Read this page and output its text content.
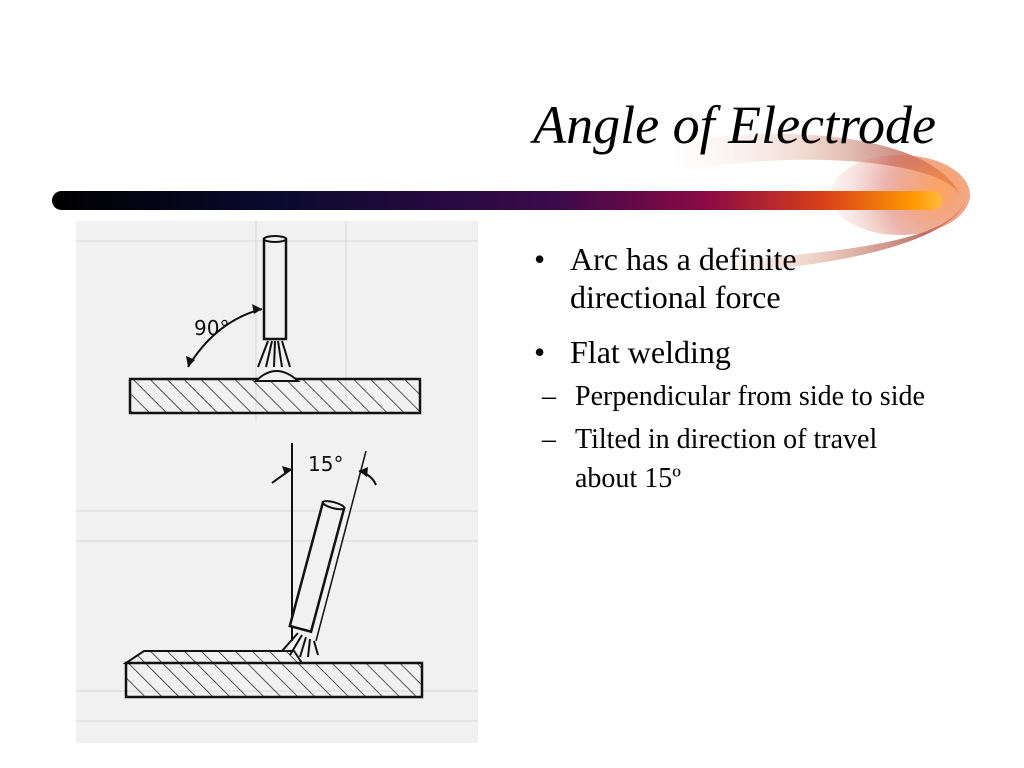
Angle of Electrode
90°
15°
• Arc has a definite directional force
• Flat welding
– Perpendicular from side to side
– Tilted in direction of travel about 15º
